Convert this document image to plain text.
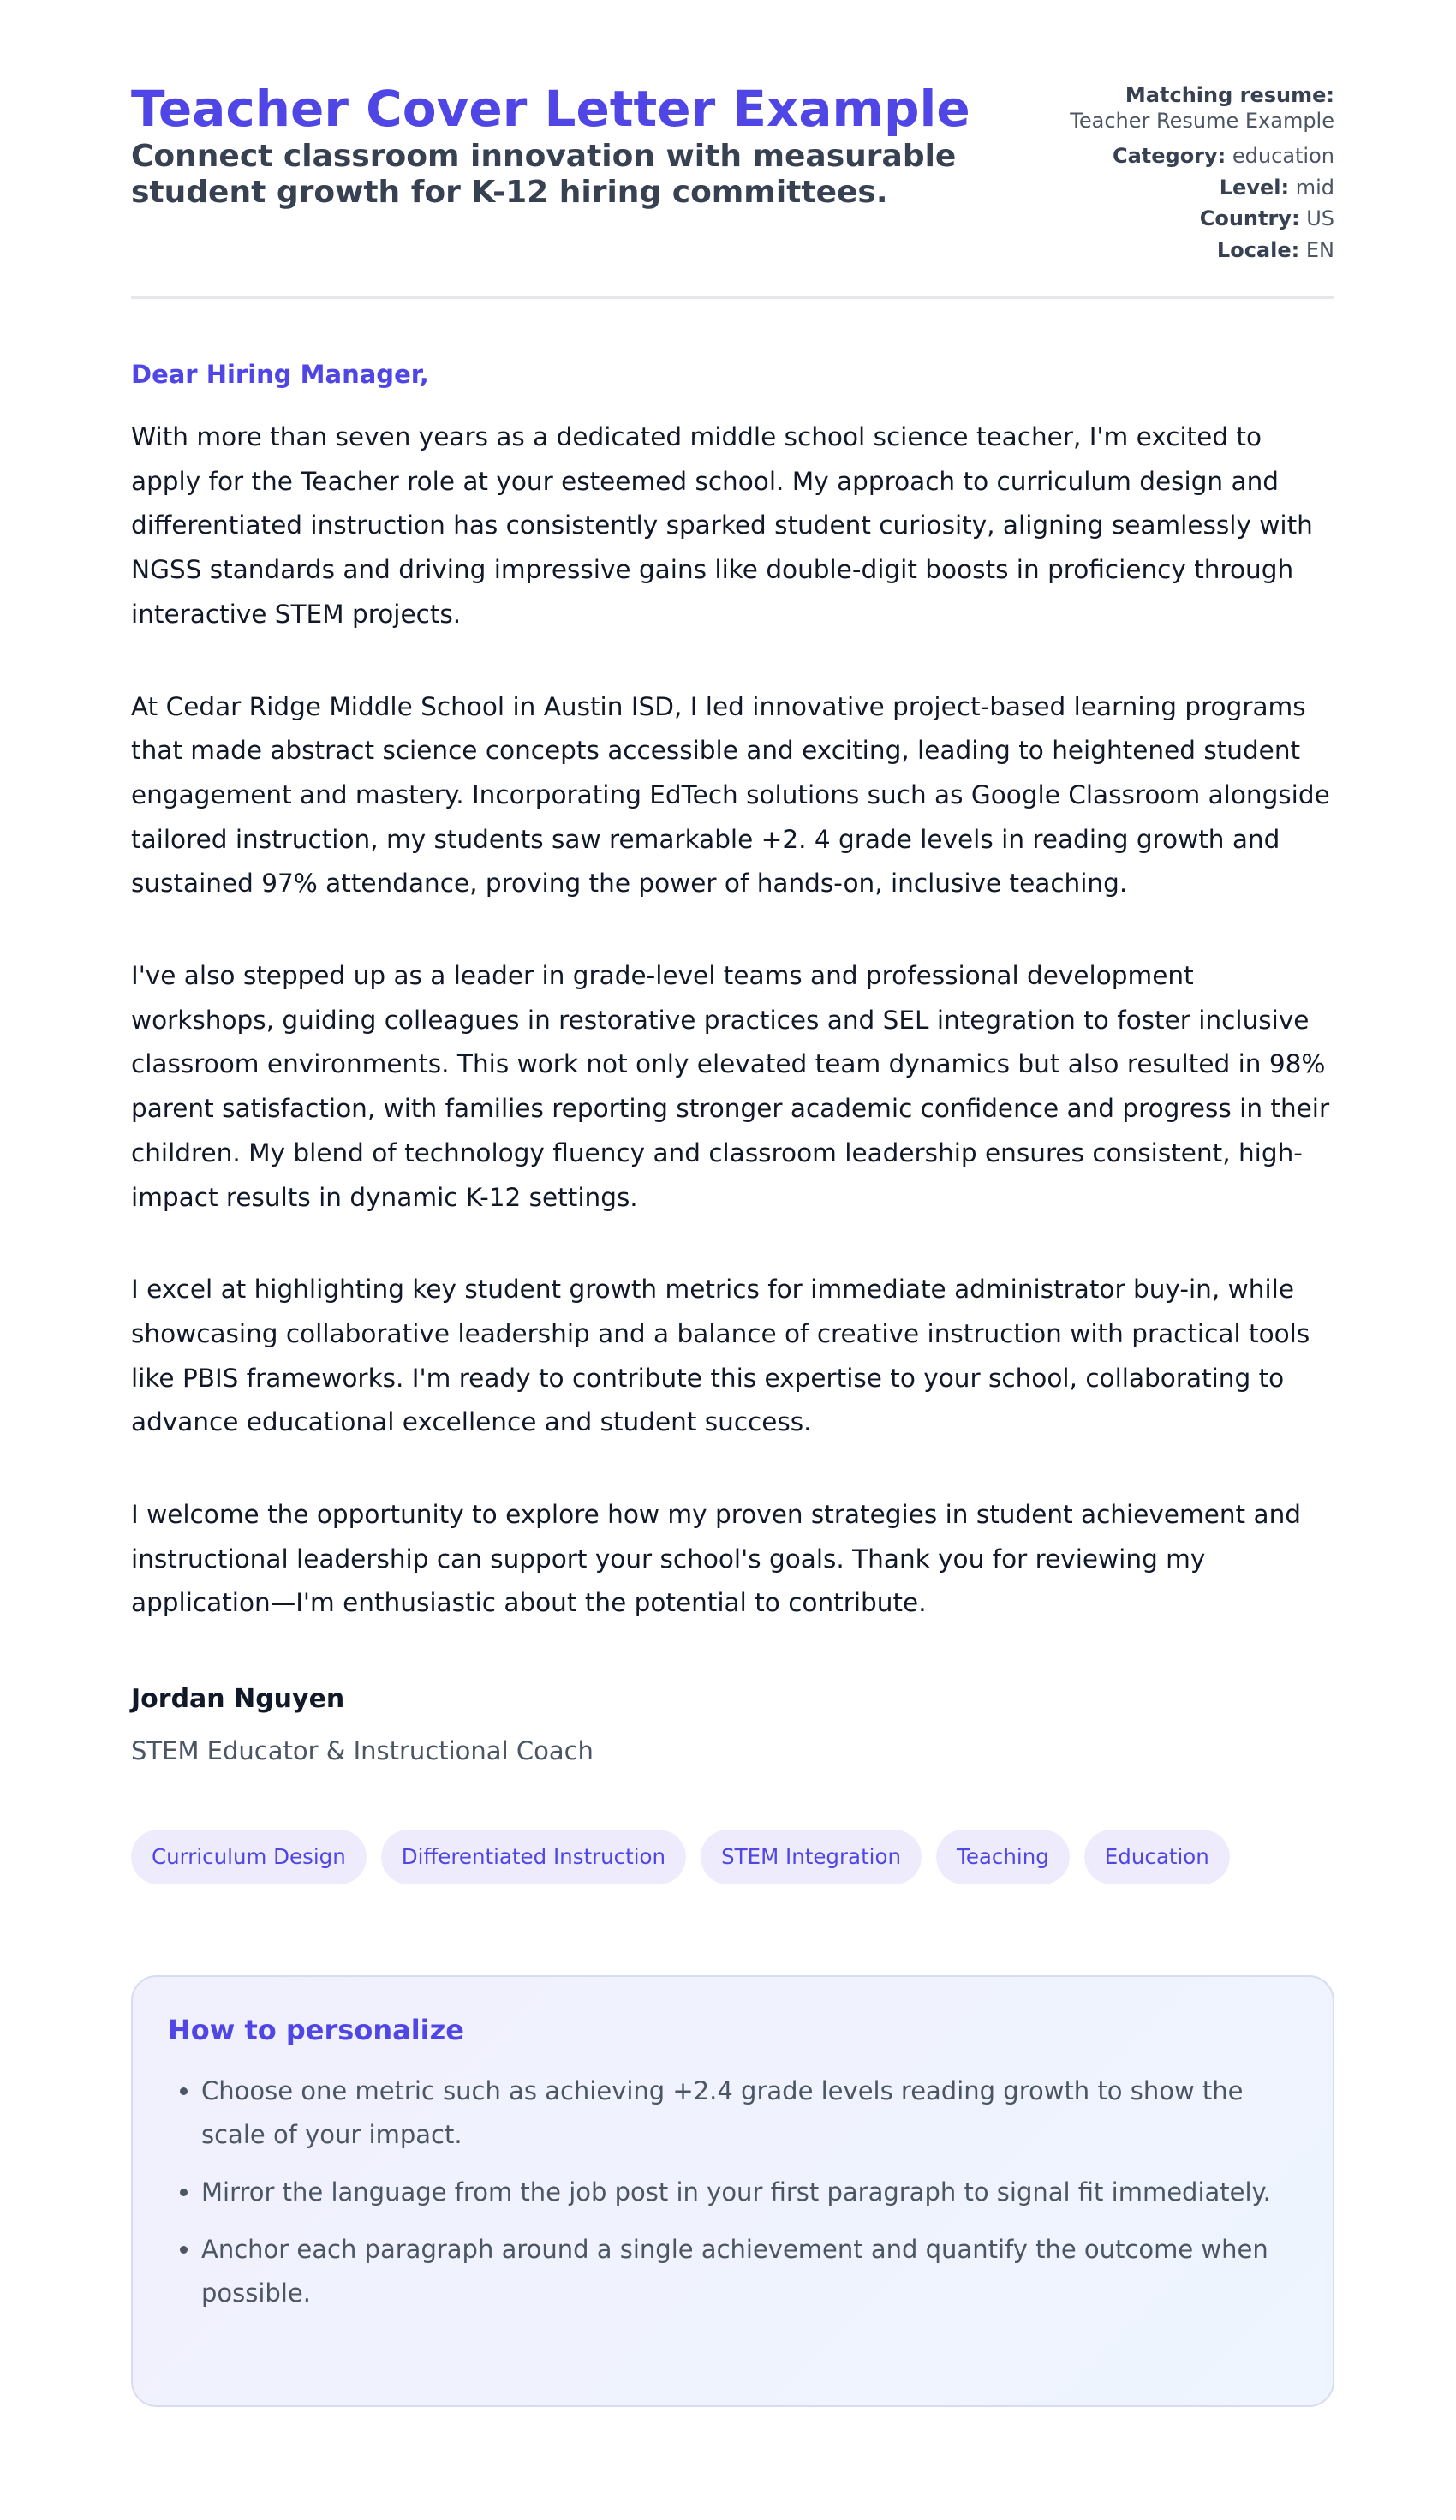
Teacher Cover Letter Example

Connect classroom innovation with measurable student growth for K-12 hiring committees.

Matching resume:
Teacher Resume Example
Category: education
Level: mid
Country: US
Locale: EN
Dear Hiring Manager,

With more than seven years as a dedicated middle school science teacher, I'm excited to apply for the Teacher role at your esteemed school. My approach to curriculum design and differentiated instruction has consistently sparked student curiosity, aligning seamlessly with NGSS standards and driving impressive gains like double-digit boosts in proficiency through interactive STEM projects.

At Cedar Ridge Middle School in Austin ISD, I led innovative project-based learning programs that made abstract science concepts accessible and exciting, leading to heightened student engagement and mastery. Incorporating EdTech solutions such as Google Classroom alongside tailored instruction, my students saw remarkable +2. 4 grade levels in reading growth and sustained 97% attendance, proving the power of hands-on, inclusive teaching.

I've also stepped up as a leader in grade-level teams and professional development workshops, guiding colleagues in restorative practices and SEL integration to foster inclusive classroom environments. This work not only elevated team dynamics but also resulted in 98% parent satisfaction, with families reporting stronger academic confidence and progress in their children. My blend of technology fluency and classroom leadership ensures consistent, high-impact results in dynamic K-12 settings.

I excel at highlighting key student growth metrics for immediate administrator buy-in, while showcasing collaborative leadership and a balance of creative instruction with practical tools like PBIS frameworks. I'm ready to contribute this expertise to your school, collaborating to advance educational excellence and student success.

I welcome the opportunity to explore how my proven strategies in student achievement and instructional leadership can support your school's goals. Thank you for reviewing my application—I'm enthusiastic about the potential to contribute.

Jordan Nguyen
STEM Educator & Instructional Coach
Curriculum Design	Differentiated Instruction	STEM Integration	Teaching	Education
How to personalize
• Choose one metric such as achieving +2.4 grade levels reading growth to show the scale of your impact.
• Mirror the language from the job post in your first paragraph to signal fit immediately.
• Anchor each paragraph around a single achievement and quantify the outcome when possible.
